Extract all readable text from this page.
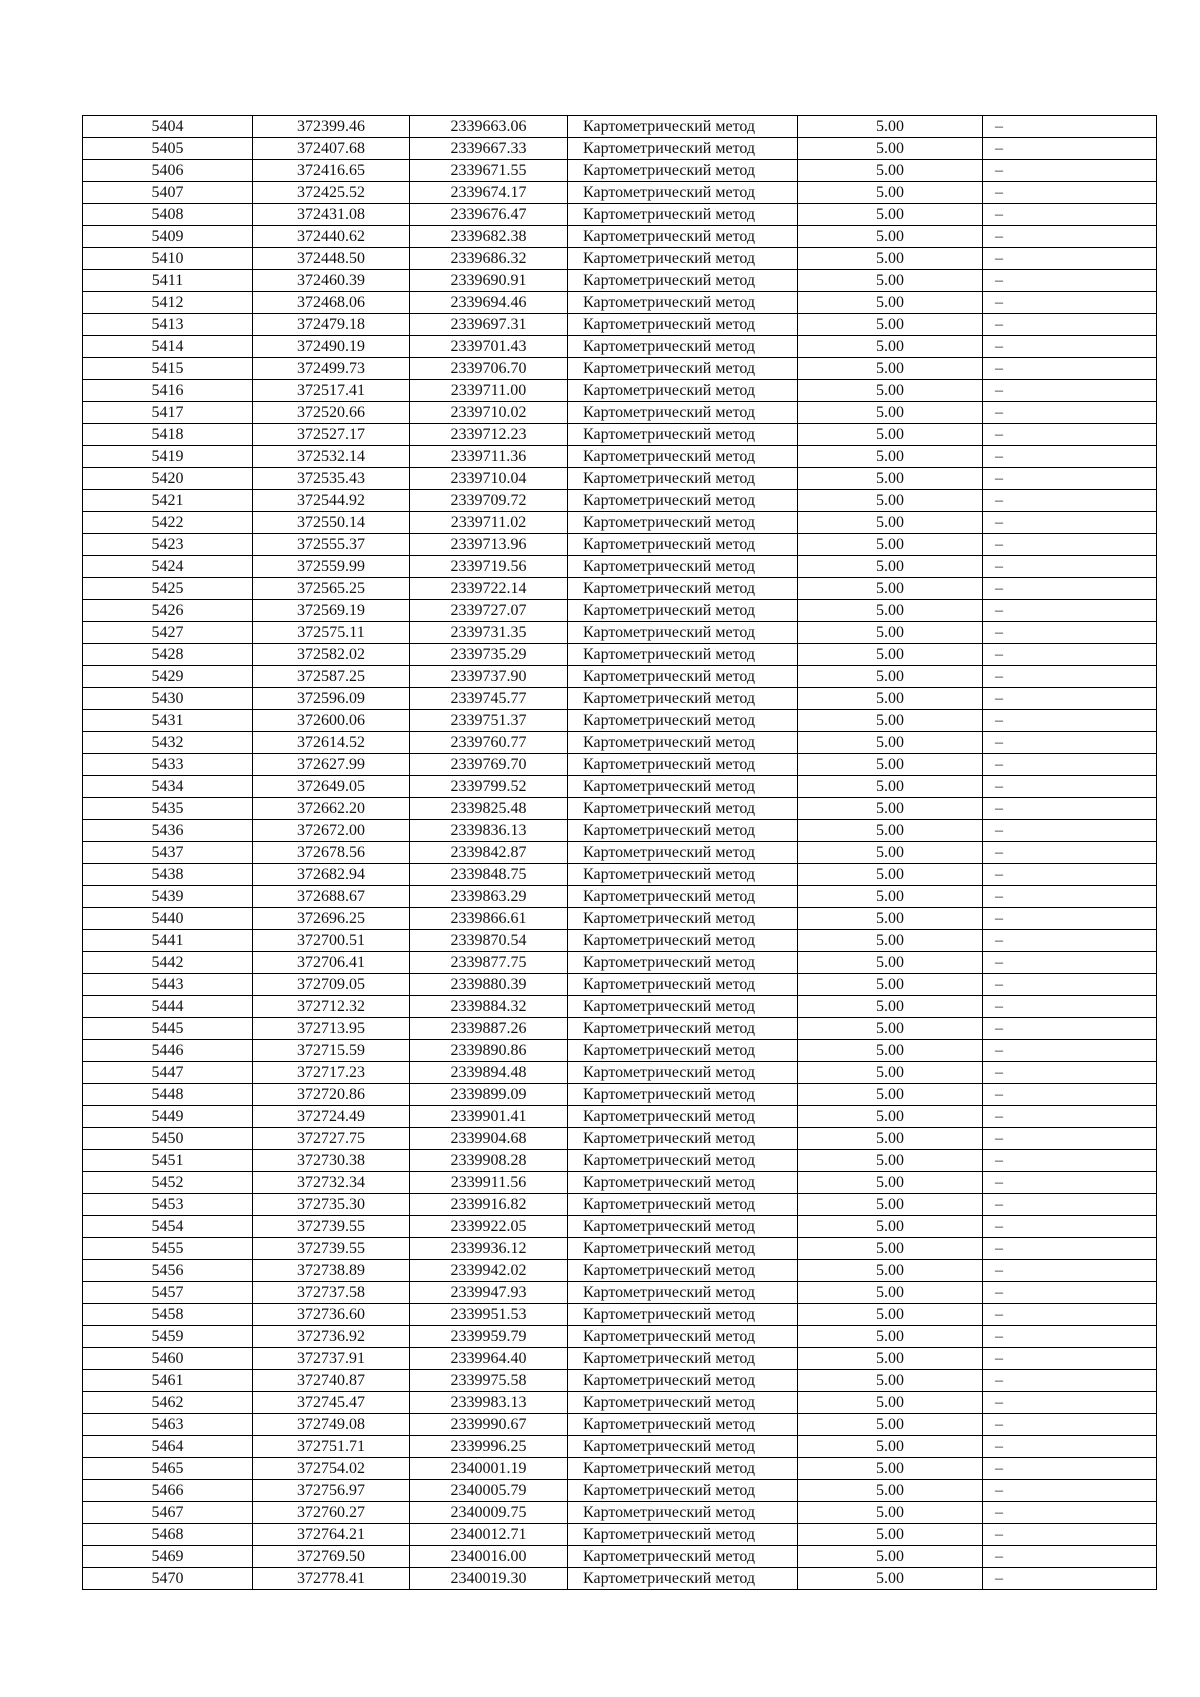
5404	372399.46	2339663.06	Картометрический метод	5.00	–
5405	372407.68	2339667.33	Картометрический метод	5.00	–
5406	372416.65	2339671.55	Картометрический метод	5.00	–
5407	372425.52	2339674.17	Картометрический метод	5.00	–
5408	372431.08	2339676.47	Картометрический метод	5.00	–
5409	372440.62	2339682.38	Картометрический метод	5.00	–
5410	372448.50	2339686.32	Картометрический метод	5.00	–
5411	372460.39	2339690.91	Картометрический метод	5.00	–
5412	372468.06	2339694.46	Картометрический метод	5.00	–
5413	372479.18	2339697.31	Картометрический метод	5.00	–
5414	372490.19	2339701.43	Картометрический метод	5.00	–
5415	372499.73	2339706.70	Картометрический метод	5.00	–
5416	372517.41	2339711.00	Картометрический метод	5.00	–
5417	372520.66	2339710.02	Картометрический метод	5.00	–
5418	372527.17	2339712.23	Картометрический метод	5.00	–
5419	372532.14	2339711.36	Картометрический метод	5.00	–
5420	372535.43	2339710.04	Картометрический метод	5.00	–
5421	372544.92	2339709.72	Картометрический метод	5.00	–
5422	372550.14	2339711.02	Картометрический метод	5.00	–
5423	372555.37	2339713.96	Картометрический метод	5.00	–
5424	372559.99	2339719.56	Картометрический метод	5.00	–
5425	372565.25	2339722.14	Картометрический метод	5.00	–
5426	372569.19	2339727.07	Картометрический метод	5.00	–
5427	372575.11	2339731.35	Картометрический метод	5.00	–
5428	372582.02	2339735.29	Картометрический метод	5.00	–
5429	372587.25	2339737.90	Картометрический метод	5.00	–
5430	372596.09	2339745.77	Картометрический метод	5.00	–
5431	372600.06	2339751.37	Картометрический метод	5.00	–
5432	372614.52	2339760.77	Картометрический метод	5.00	–
5433	372627.99	2339769.70	Картометрический метод	5.00	–
5434	372649.05	2339799.52	Картометрический метод	5.00	–
5435	372662.20	2339825.48	Картометрический метод	5.00	–
5436	372672.00	2339836.13	Картометрический метод	5.00	–
5437	372678.56	2339842.87	Картометрический метод	5.00	–
5438	372682.94	2339848.75	Картометрический метод	5.00	–
5439	372688.67	2339863.29	Картометрический метод	5.00	–
5440	372696.25	2339866.61	Картометрический метод	5.00	–
5441	372700.51	2339870.54	Картометрический метод	5.00	–
5442	372706.41	2339877.75	Картометрический метод	5.00	–
5443	372709.05	2339880.39	Картометрический метод	5.00	–
5444	372712.32	2339884.32	Картометрический метод	5.00	–
5445	372713.95	2339887.26	Картометрический метод	5.00	–
5446	372715.59	2339890.86	Картометрический метод	5.00	–
5447	372717.23	2339894.48	Картометрический метод	5.00	–
5448	372720.86	2339899.09	Картометрический метод	5.00	–
5449	372724.49	2339901.41	Картометрический метод	5.00	–
5450	372727.75	2339904.68	Картометрический метод	5.00	–
5451	372730.38	2339908.28	Картометрический метод	5.00	–
5452	372732.34	2339911.56	Картометрический метод	5.00	–
5453	372735.30	2339916.82	Картометрический метод	5.00	–
5454	372739.55	2339922.05	Картометрический метод	5.00	–
5455	372739.55	2339936.12	Картометрический метод	5.00	–
5456	372738.89	2339942.02	Картометрический метод	5.00	–
5457	372737.58	2339947.93	Картометрический метод	5.00	–
5458	372736.60	2339951.53	Картометрический метод	5.00	–
5459	372736.92	2339959.79	Картометрический метод	5.00	–
5460	372737.91	2339964.40	Картометрический метод	5.00	–
5461	372740.87	2339975.58	Картометрический метод	5.00	–
5462	372745.47	2339983.13	Картометрический метод	5.00	–
5463	372749.08	2339990.67	Картометрический метод	5.00	–
5464	372751.71	2339996.25	Картометрический метод	5.00	–
5465	372754.02	2340001.19	Картометрический метод	5.00	–
5466	372756.97	2340005.79	Картометрический метод	5.00	–
5467	372760.27	2340009.75	Картометрический метод	5.00	–
5468	372764.21	2340012.71	Картометрический метод	5.00	–
5469	372769.50	2340016.00	Картометрический метод	5.00	–
5470	372778.41	2340019.30	Картометрический метод	5.00	–
